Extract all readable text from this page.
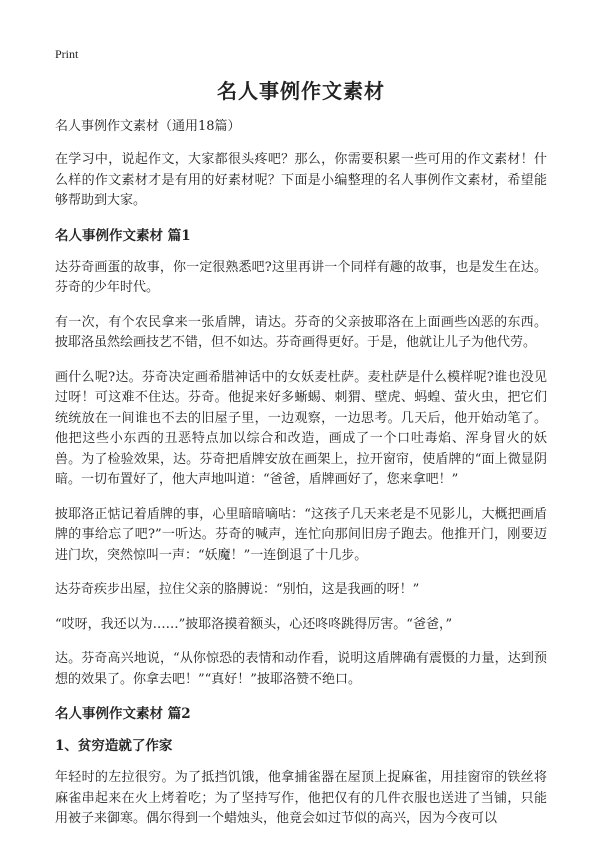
Print
名人事例作文素材
名人事例作文素材（通用18篇）

在学习中，说起作文，大家都很头疼吧？那么，你需要积累一些可用的作文素材！什么样的作文素材才是有用的好素材呢？下面是小编整理的名人事例作文素材，希望能够帮助到大家。

名人事例作文素材 篇1

达芬奇画蛋的故事，你一定很熟悉吧?这里再讲一个同样有趣的故事，也是发生在达。芬奇的少年时代。

有一次，有个农民拿来一张盾牌，请达。芬奇的父亲披耶洛在上面画些凶恶的东西。披耶洛虽然绘画技艺不错，但不如达。芬奇画得更好。于是，他就让儿子为他代劳。

画什么呢?达。芬奇决定画希腊神话中的女妖麦杜萨。麦杜萨是什么模样呢?谁也没见过呀！可这难不住达。芬奇。他捉来好多蜥蜴、刺猬、壁虎、蚂蝗、萤火虫，把它们统统放在一间谁也不去的旧屋子里，一边观察，一边思考。几天后，他开始动笔了。他把这些小东西的丑恶特点加以综合和改造，画成了一个口吐毒焰、浑身冒火的妖兽。为了检验效果，达。芬奇把盾牌安放在画架上，拉开窗帘，使盾牌的“面上微显阴暗。一切布置好了，他大声地叫道：“爸爸，盾牌画好了，您来拿吧！”

披耶洛正惦记着盾牌的事，心里暗暗嘀咕：“这孩子几天来老是不见影儿，大概把画盾牌的事给忘了吧?”一听达。芬奇的喊声，连忙向那间旧房子跑去。他推开门，刚要迈进门坎，突然惊叫一声：“妖魔！”一连倒退了十几步。

达芬奇疾步出屋，拉住父亲的胳膊说：“别怕，这是我画的呀！”

“哎呀，我还以为……”披耶洛摸着额头，心还咚咚跳得厉害。“爸爸，”

达。芬奇高兴地说，“从你惊恐的表情和动作看，说明这盾牌确有震慑的力量，达到预想的效果了。你拿去吧！”“真好！”披耶洛赞不绝口。

名人事例作文素材 篇2
1、贫穷造就了作家

年轻时的左拉很穷。为了抵挡饥饿，他拿捕雀器在屋顶上捉麻雀，用挂窗帘的铁丝将麻雀串起来在火上烤着吃；为了坚持写作，他把仅有的几件衣服也送进了当铺，只能用被子来御寒。偶尔得到一个蜡烛头，他竟会如过节似的高兴，因为今夜可以
